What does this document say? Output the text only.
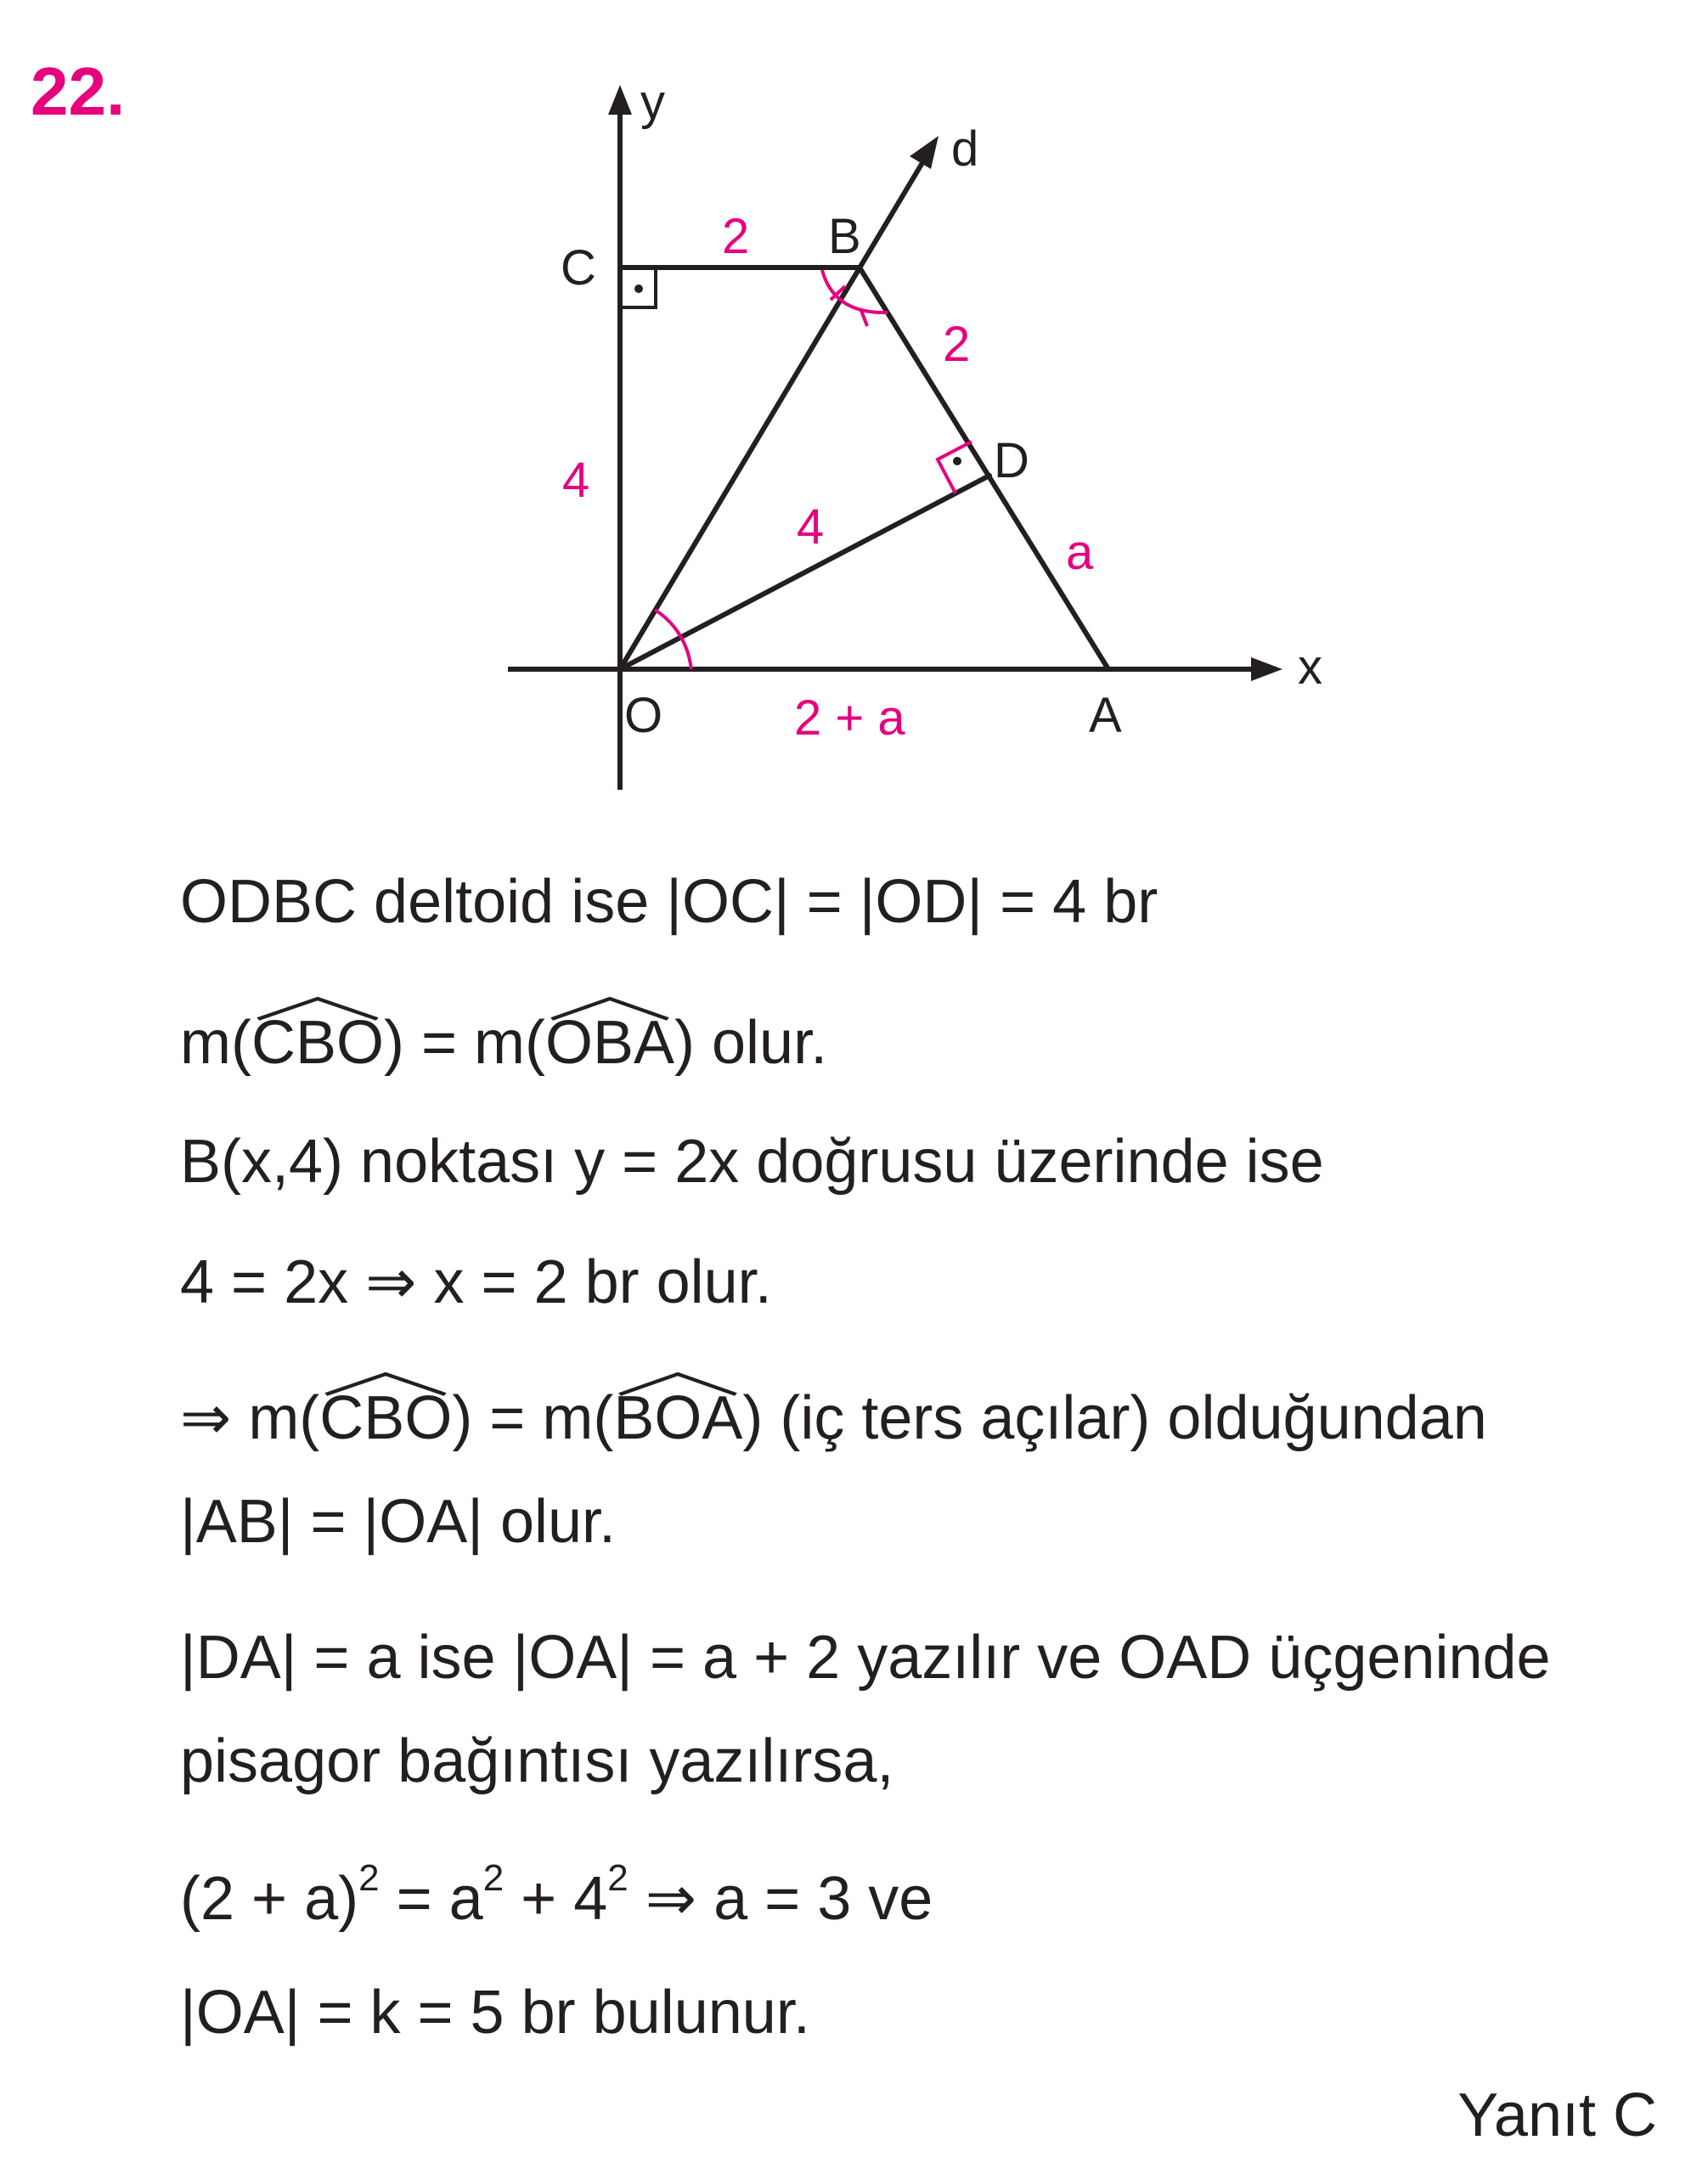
22.	y
x
d
C
B
D
O	A
2
2
4
4	a
2 + a
ODBC deltoid ise |OC| = |OD| = 4 br
m(
CBO) = m(
OBA) olur.
B(x,4) noktası y = 2x doğrusu üzerinde ise
4 = 2x ⇒ x = 2 br olur.
⇒ m(
CBO) = m(
BOA) (iç ters açılar) olduğundan
|AB| = |OA| olur.
|DA| = a ise |OA| = a + 2 yazılır ve OAD üçgeninde
pisagor bağıntısı yazılırsa,
$(2 + a)^2 = a^2 + 4^2$ ⇒ a = 3 ve
|OA| = k = 5 br bulunur.
Yanıt C
